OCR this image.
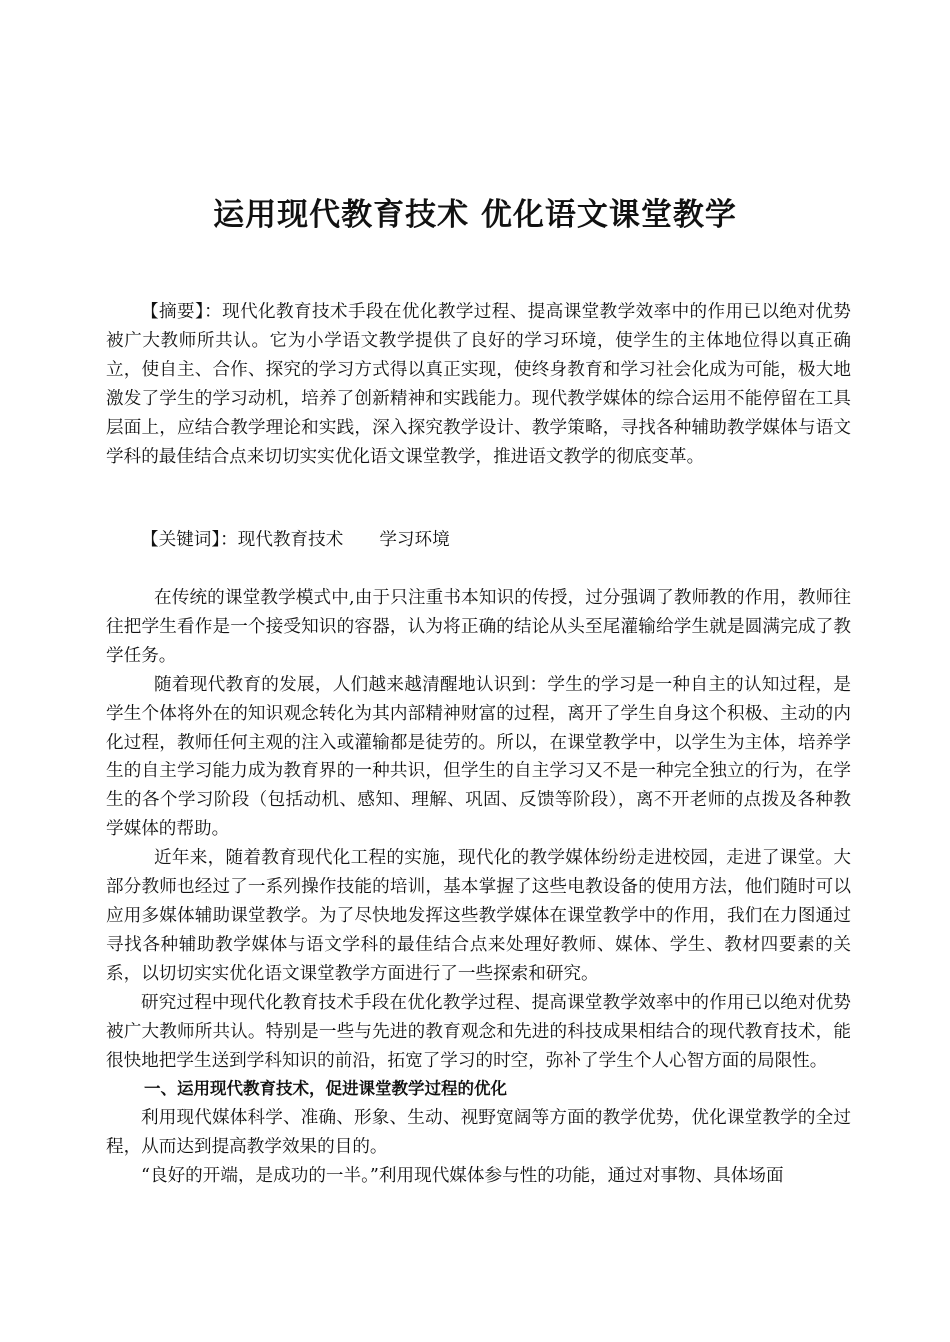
运用现代教育技术 优化语文课堂教学

【摘要】：现代化教育技术手段在优化教学过程、提高课堂教学效率中的作用已以绝对优势被广大教师所共认。它为小学语文教学提供了良好的学习环境，使学生的主体地位得以真正确立，使自主、合作、探究的学习方式得以真正实现，使终身教育和学习社会化成为可能，极大地激发了学生的学习动机，培养了创新精神和实践能力。现代教学媒体的综合运用不能停留在工具层面上，应结合教学理论和实践，深入探究教学设计、教学策略，寻找各种辅助教学媒体与语文学科的最佳结合点来切切实实优化语文课堂教学，推进语文教学的彻底变革。

【关键词】：现代教育技术 学习环境

在传统的课堂教学模式中,由于只注重书本知识的传授，过分强调了教师教的作用，教师往往把学生看作是一个接受知识的容器，认为将正确的结论从头至尾灌输给学生就是圆满完成了教学任务。

随着现代教育的发展，人们越来越清醒地认识到：学生的学习是一种自主的认知过程，是学生个体将外在的知识观念转化为其内部精神财富的过程，离开了学生自身这个积极、主动的内化过程，教师任何主观的注入或灌输都是徒劳的。所以，在课堂教学中，以学生为主体，培养学生的自主学习能力成为教育界的一种共识，但学生的自主学习又不是一种完全独立的行为，在学生的各个学习阶段（包括动机、感知、理解、巩固、反馈等阶段），离不开老师的点拨及各种教学媒体的帮助。

近年来，随着教育现代化工程的实施，现代化的教学媒体纷纷走进校园，走进了课堂。大部分教师也经过了一系列操作技能的培训，基本掌握了这些电教设备的使用方法，他们随时可以应用多媒体辅助课堂教学。为了尽快地发挥这些教学媒体在课堂教学中的作用，我们在力图通过寻找各种辅助教学媒体与语文学科的最佳结合点来处理好教师、媒体、学生、教材四要素的关系，以切切实实优化语文课堂教学方面进行了一些探索和研究。

研究过程中现代化教育技术手段在优化教学过程、提高课堂教学效率中的作用已以绝对优势被广大教师所共认。特别是一些与先进的教育观念和先进的科技成果相结合的现代教育技术，能很快地把学生送到学科知识的前沿，拓宽了学习的时空，弥补了学生个人心智方面的局限性。

一、运用现代教育技术，促进课堂教学过程的优化

利用现代媒体科学、准确、形象、生动、视野宽阔等方面的教学优势，优化课堂教学的全过程，从而达到提高教学效果的目的。

“良好的开端，是成功的一半。”利用现代媒体参与性的功能，通过对事物、具体场面
